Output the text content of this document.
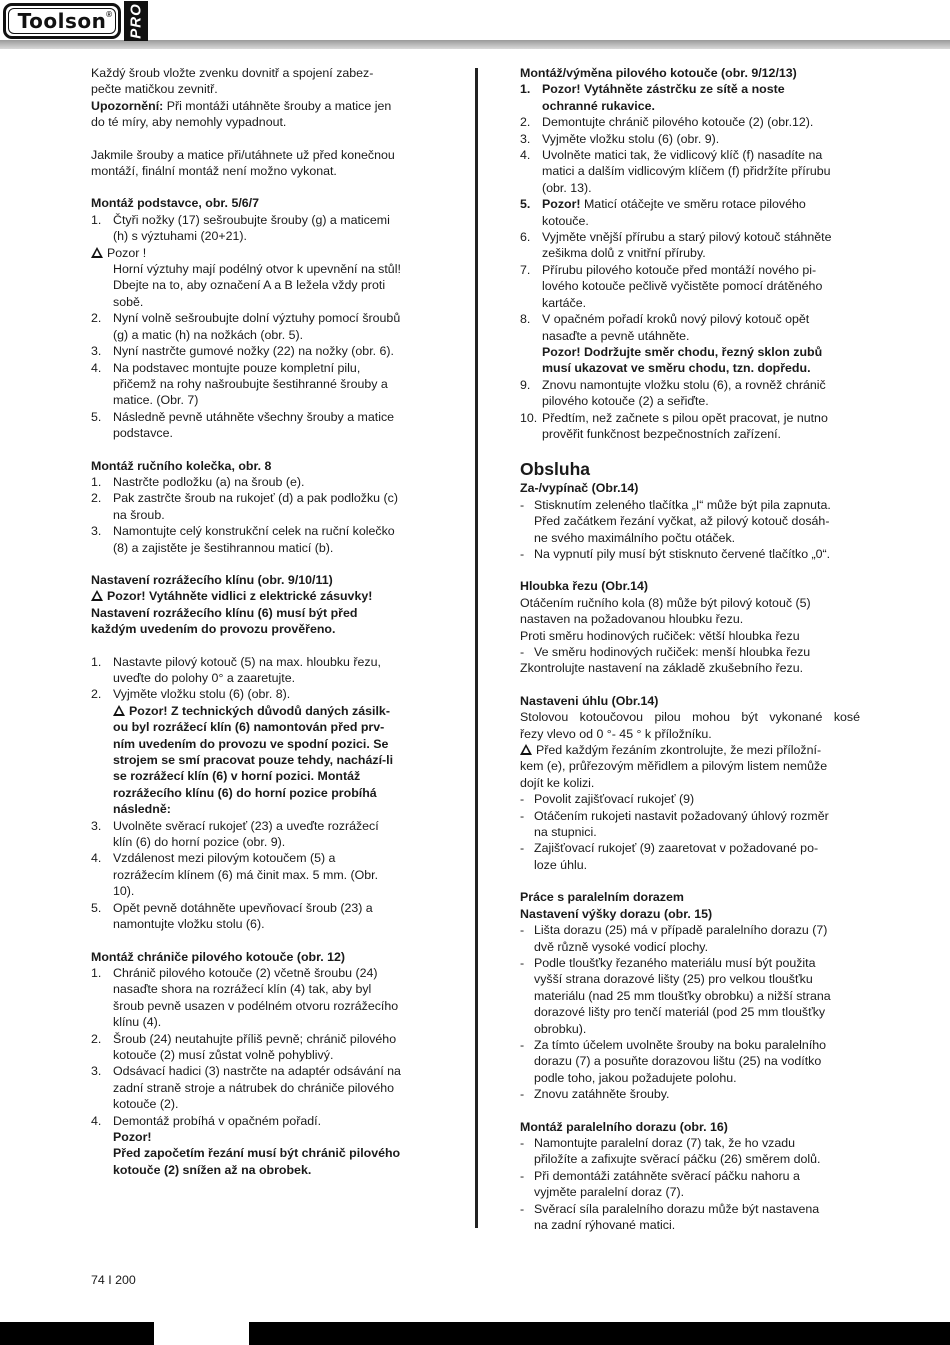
Toolson ® PRO

Každý šroub vložte zvenku dovnitř a spojení zabez-

pečte matičkou zevnitř.

Upozornění: Při montáži utáhněte šrouby a matice jen

do té míry, aby nemohly vypadnout.

Jakmile šrouby a matice při/utáhnete už před konečnou

montáží, finální montáž není možno vykonat.

Montáž podstavce, obr. 5/6/7

1. Čtyři nožky (17) sešroubujte šrouby (g) a maticemi
(h) s výztuhami (20+21).

Pozor !

Horní výztuhy mají podélný otvor k upevnění na stůl!

Dbejte na to, aby označení A a B ležela vždy proti

sobě.

2. Nyní volně sešroubujte dolní výztuhy pomocí šroubů
(g) a matic (h) na nožkách (obr. 5).
3. Nyní nastrčte gumové nožky (22) na nožky (obr. 6).
4. Na podstavec montujte pouze kompletní pilu,
přičemž na rohy našroubujte šestihranné šrouby a
matice. (Obr. 7)
5. Následně pevně utáhněte všechny šrouby a matice
podstavce.

Montáž ručního kolečka, obr. 8

1. Nastrčte podložku (a) na šroub (e).
2. Pak zastrčte šroub na rukojeť (d) a pak podložku (c)
na šroub.
3. Namontujte celý konstrukční celek na ruční kolečko
(8) a zajistěte je šestihrannou maticí (b).

Nastavení rozrážecího klínu (obr. 9/10/11)

Pozor! Vytáhněte vidlici z elektrické zásuvky!

Nastavení rozrážecího klínu (6) musí být před

každým uvedením do provozu prověřeno.

1. Nastavte pilový kotouč (5) na max. hloubku řezu,
uveďte do polohy 0° a zaaretujte.
2. Vyjměte vložku stolu (6) (obr. 8).
Pozor! Z technických důvodů daných zásilk-
ou byl rozrážecí klín (6) namontován před prv-
ním uvedením do provozu ve spodní pozici. Se
strojem se smí pracovat pouze tehdy, nachází-li
se rozrážecí klín (6) v horní pozici. Montáž
rozrážecího klínu (6) do horní pozice probíhá
následně:
3. Uvolněte svěrací rukojeť (23) a uveďte rozrážecí
klín (6) do horní pozice (obr. 9).
4. Vzdálenost mezi pilovým kotoučem (5) a
rozrážecím klínem (6) má činit max. 5 mm. (Obr.
10).
5. Opět pevně dotáhněte upevňovací šroub (23) a
namontujte vložku stolu (6).

Montáž chrániče pilového kotouče (obr. 12)

1. Chránič pilového kotouče (2) včetně šroubu (24)
nasaďte shora na rozrážecí klín (4) tak, aby byl
šroub pevně usazen v podélném otvoru rozrážecího
klínu (4).
2. Šroub (24) neutahujte příliš pevně; chránič pilového
kotouče (2) musí zůstat volně pohyblivý.
3. Odsávací hadici (3) nastrčte na adaptér odsávání na
zadní straně stroje a nátrubek do chrániče pilového
kotouče (2).
4. Demontáž probíhá v opačném pořadí.

Pozor!

Před započetím řezání musí být chránič pilového

kotouče (2) snížen až na obrobek.

Montáž/výměna pilového kotouče (obr. 9/12/13)

1. Pozor! Vytáhněte zástrčku ze sítě a noste
ochranné rukavice.
2. Demontujte chránič pilového kotouče (2) (obr.12).
3. Vyjměte vložku stolu (6) (obr. 9).
4. Uvolněte matici tak, že vidlicový klíč (f) nasadíte na
matici a dalším vidlicovým klíčem (f) přidržíte přírubu
(obr. 13).
5. Pozor! Maticí otáčejte ve směru rotace pilového
kotouče.
6. Vyjměte vnější přírubu a starý pilový kotouč stáhněte
zešikma dolů z vnitřní příruby.
7. Přírubu pilového kotouče před montáží nového pi-
lového kotouče pečlivě vyčistěte pomocí drátěného
kartáče.
8. V opačném pořadí kroků nový pilový kotouč opět
nasaďte a pevně utáhněte.
Pozor! Dodržujte směr chodu, řezný sklon zubů
musí ukazovat ve směru chodu, tzn. dopředu.
9. Znovu namontujte vložku stolu (6), a rovněž chránič
pilového kotouče (2) a seřiďte.
10. Předtím, než začnete s pilou opět pracovat, je nutno
prověřit funkčnost bezpečnostních zařízení.

Obsluha

Za-/vypínač (Obr.14)

- Stisknutím zeleného tlačítka „I“ může být pila zapnuta.
Před začátkem řezání vyčkat, až pilový kotouč dosáh-
ne svého maximálního počtu otáček.
- Na vypnutí pily musí být stisknuto červené tlačítko „0“.

Hloubka řezu (Obr.14)

Otáčením ručního kola (8) může být pilový kotouč (5)

nastaven na požadovanou hloubku řezu.

Proti směru hodinových ručiček: větší hloubka řezu

- Ve směru hodinových ručiček: menší hloubka řezu

Zkontrolujte nastavení na základě zkušebního řezu.

Nastaveni úhlu (Obr.14)

Stolovou kotoučovou pilou mohou být vykonané kosé

řezy vlevo od 0 °- 45 ° k příložníku.

Před každým řezáním zkontrolujte, že mezi příložní-

kem (e), průřezovým měřidlem a pilovým listem nemůže

dojít ke kolizi.

- Povolit zajišťovací rukojeť (9)
- Otáčením rukojeti nastavit požadovaný úhlový rozměr
na stupnici.
- Zajišťovací rukojeť (9) zaaretovat v požadované po-
loze úhlu.

Práce s paralelním dorazem

Nastavení výšky dorazu (obr. 15)

- Lišta dorazu (25) má v případě paralelního dorazu (7)
dvě různě vysoké vodicí plochy.
- Podle tloušťky řezaného materiálu musí být použita
vyšší strana dorazové lišty (25) pro velkou tloušťku
materiálu (nad 25 mm tloušťky obrobku) a nižší strana
dorazové lišty pro tenčí materiál (pod 25 mm tloušťky
obrobku).
- Za tímto účelem uvolněte šrouby na boku paralelního
dorazu (7) a posuňte dorazovou lištu (25) na vodítko
podle toho, jakou požadujete polohu.
- Znovu zatáhněte šrouby.

Montáž paralelního dorazu (obr. 16)

- Namontujte paralelní doraz (7) tak, že ho vzadu
přiložíte a zafixujte svěrací páčku (26) směrem dolů.
- Při demontáži zatáhněte svěrací páčku nahoru a
vyjměte paralelní doraz (7).
- Svěrací síla paralelního dorazu může být nastavena
na zadní rýhované matici.
74 I 200
